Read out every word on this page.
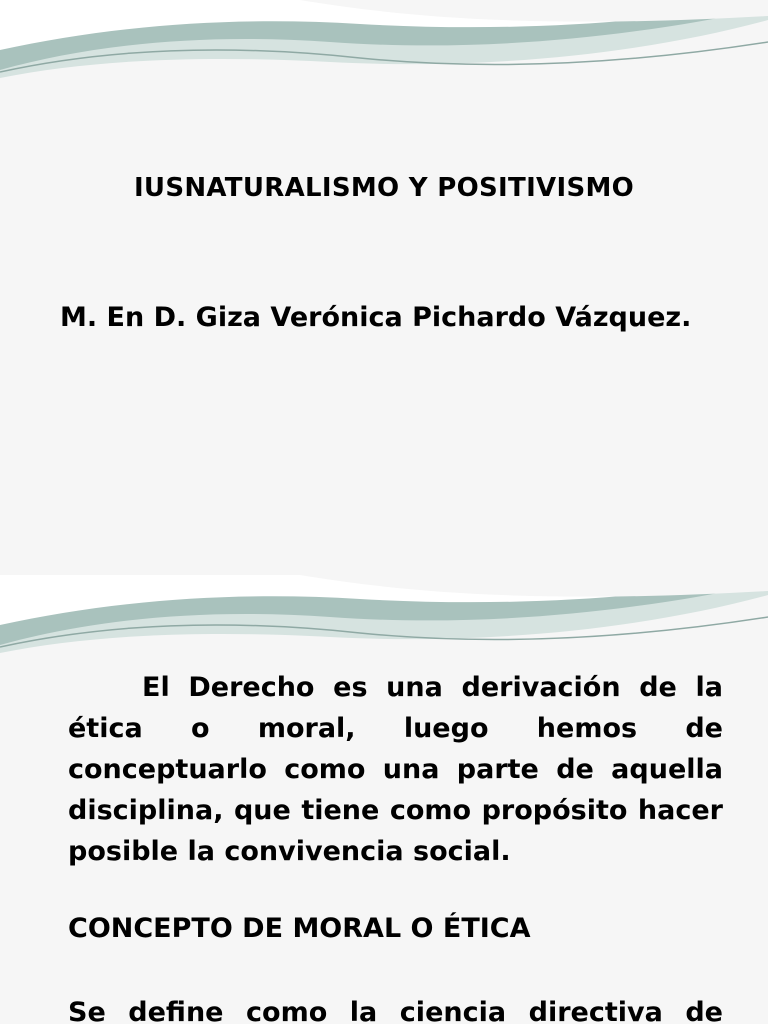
IUSNATURALISMO Y POSITIVISMO
M. En D. Giza Verónica Pichardo Vázquez.
El Derecho es una derivación de la ética o moral, luego hemos de conceptuarlo como una parte de aquella disciplina, que tiene como propósito hacer posible la convivencia social.
CONCEPTO DE MORAL O ÉTICA
Se define como la ciencia directiva de
